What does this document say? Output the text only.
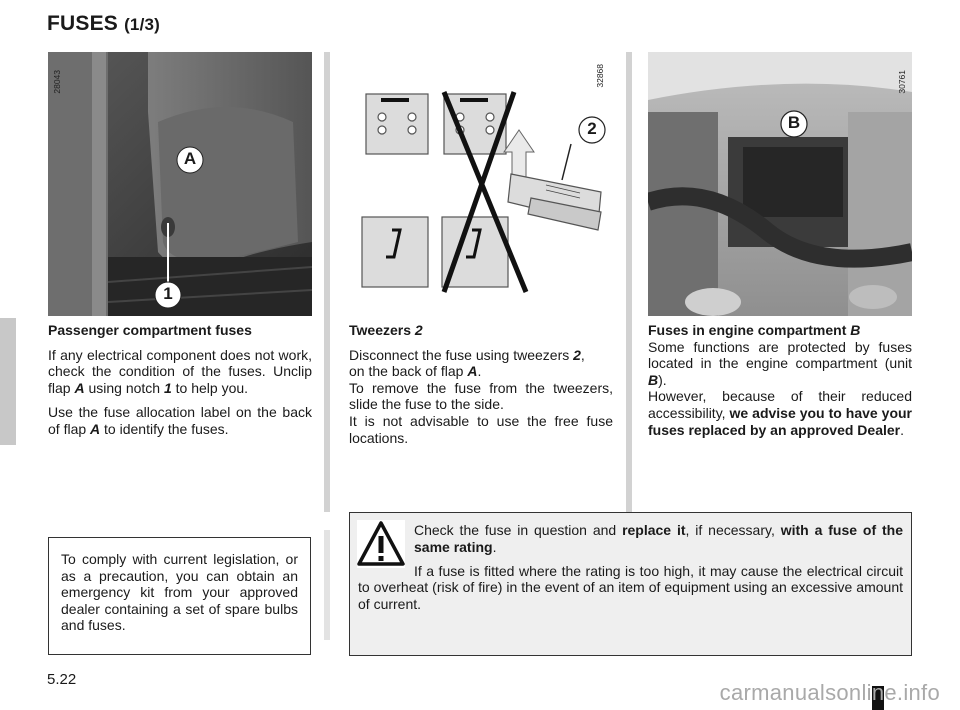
FUSES (1/3)
28043
A
1
32868
2
30761
B

Passenger compartment fuses

If any electrical component does not work, check the condition of the fuses. Unclip flap A using notch 1 to help you.

Use the fuse allocation label on the back of flap A to identify the fuses.

Tweezers 2

Disconnect the fuse using tweezers 2,
on the back of flap A.
To remove the fuse from the tweezers, slide the fuse to the side.
It is not advisable to use the free fuse locations.
Fuses in engine compartment B
Some functions are protected by fuses located in the engine compartment (unit B).
However, because of their reduced accessibility, we advise you to have your fuses replaced by an approved Dealer.
To comply with current legislation, or as a precaution, you can obtain an emergency kit from your approved dealer containing a set of spare bulbs and fuses.
Check the fuse in question and replace it, if necessary, with a fuse of the same rating.
If a fuse is fitted where the rating is too high, it may cause the electrical circuit to overheat (risk of fire) in the event of an item of equipment using an excessive amount of current.
5.22
carmanualsonline.info
